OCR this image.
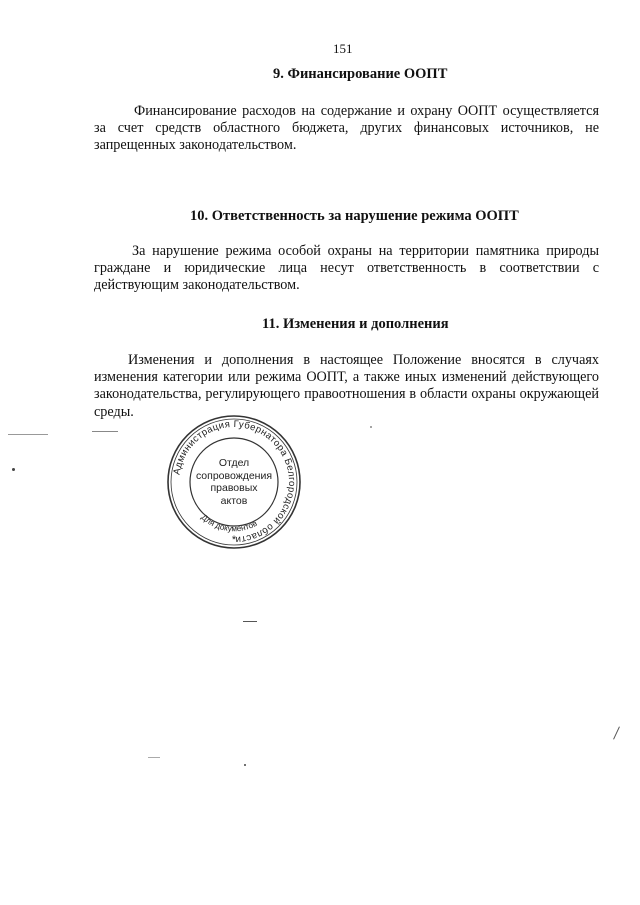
151
9. Финансирование ООПТ
Финансирование расходов на содержание и охрану ООПТ осуществляется за счет средств областного бюджета, других финансовых источников, не запрещенных законодательством.
10. Ответственность за нарушение режима ООПТ
За нарушение режима особой охраны на территории памятника природы граждане и юридические лица несут ответственность в соответствии с действующим законодательством.
11. Изменения и дополнения
Изменения и дополнения в настоящее Положение вносятся в случаях изменения категории или режима ООПТ, а также иных изменений действующего законодательства, регулирующего правоотношения в области охраны окружающей среды.
Администрация Губернатора Белгородской области
Для документов
*
Отдел
сопровождения
правовых
актов
